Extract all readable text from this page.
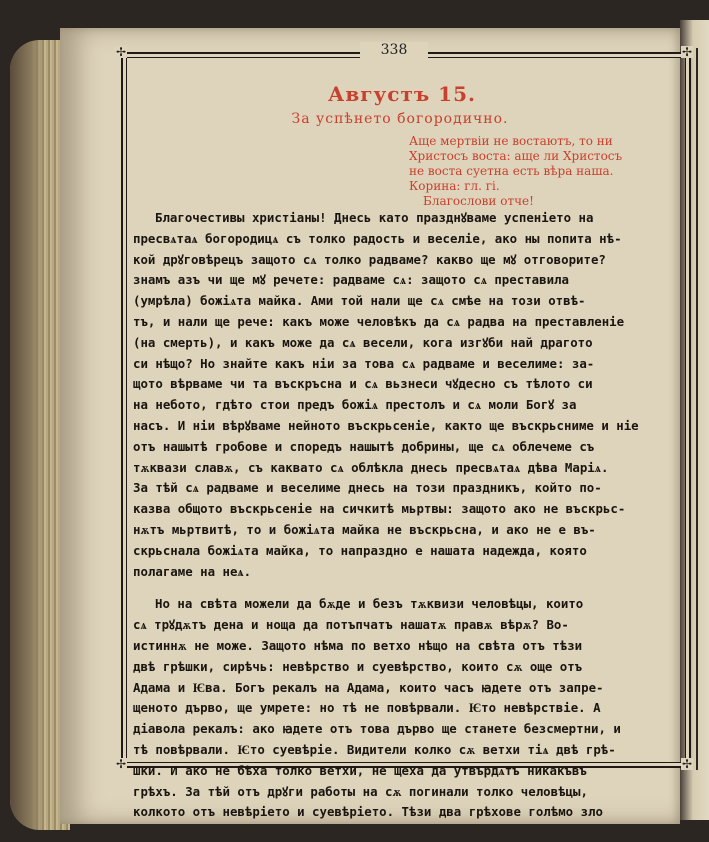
✢	✢
✢	✢
338
Августъ 15.
За успѣнето богородично.
Аще мертвiи не востаютъ, то ни
Христосъ воста: аще ли Христосъ
не воста суетна есть вѣра наша.
Корина: гл. гi.
Благослови отче!
Благочестивы христiаны! Днесь като празднꙋваме успенiето на
пресвѧтаѧ богородицѧ съ толко радость и веселiе, ако ны попита нѣ-
кой дрꙋговѣрецъ защото сѧ толко радваме? какво ще мꙋ отговорите?
знамъ азъ чи ще мꙋ речете: радваме сѧ: защото сѧ преставила
(умрѣла) божiѧта майка. Ами той нали ще сѧ смѣе на този отвѣ-
тъ, и нали ще рече: какъ може человѣкъ да сѧ радва на преставленiе
(на смерть), и какъ може да сѧ весели, кога изгꙋби най драгото
си нѣщо? Но знайте какъ нiи за това сѧ радваме и веселиме: за-
щото вѣрваме чи та въскръсна и сѧ вьзнеси чꙋдесно съ тѣлото си
на небото, гдѣто стои предъ божiѧ престолъ и сѧ моли Богꙋ за
насъ. И нiи вѣрꙋваме нейното въскрьсенiе, както ще въскрьсниме и нiе
отъ нашытѣ гробове и споредъ нашытѣ добрины, ще сѧ облечеме съ
тѫквази славѫ, съ каквато сѧ облѣкла днесь пресвѧтаѧ дѣва Марiѧ.
За тѣй сѧ радваме и веселиме днесь на този праздникъ, който по-
казва общото въскрьсенiе на сичкитѣ мьртвы: защото ако не въскрьс-
нѫтъ мьртвитѣ, то и божiѧта майка не въскрьсна, и ако не е въ-
скрьснала божiѧта майка, то напраздно е нашата надежда, която
полагаме на неѧ.
Но на свѣта можели да бѫде и безъ тѫквизи человѣцы, които
сѧ трꙋдѫтъ дена и ноща да потъпчатъ нашатѫ правѫ вѣрѫ? Во-
истиннѫ не може. Защото нѣма по ветхо нѣщо на свѣта отъ тѣзи
двѣ грѣшки, сирѣчь: невѣрство и суевѣрство, които сѫ още отъ
Адама и Ѥва. Богъ рекалъ на Адама, които часъ ꙗдете отъ запре-
щеното дърво, ще умрете: но тѣ не повѣрвали. Ѥто невѣрствiе. А
дiавола рекалъ: ако ꙗдете отъ това дърво ще станете безсмертни, и
тѣ повѣрвали. Ѥто суевѣрiе. Видители колко сѫ ветхи тiѧ двѣ грѣ-
шки. И ако не бѣха толко ветхи, не щеха да утвърдѧтъ никакъвъ
грѣхъ. За тѣй отъ дрꙋги работы на сѫ погинали толко человѣцы,
колкото отъ невѣрiето и суевѣрiето. Тѣзи два грѣхове голѣмо зло
